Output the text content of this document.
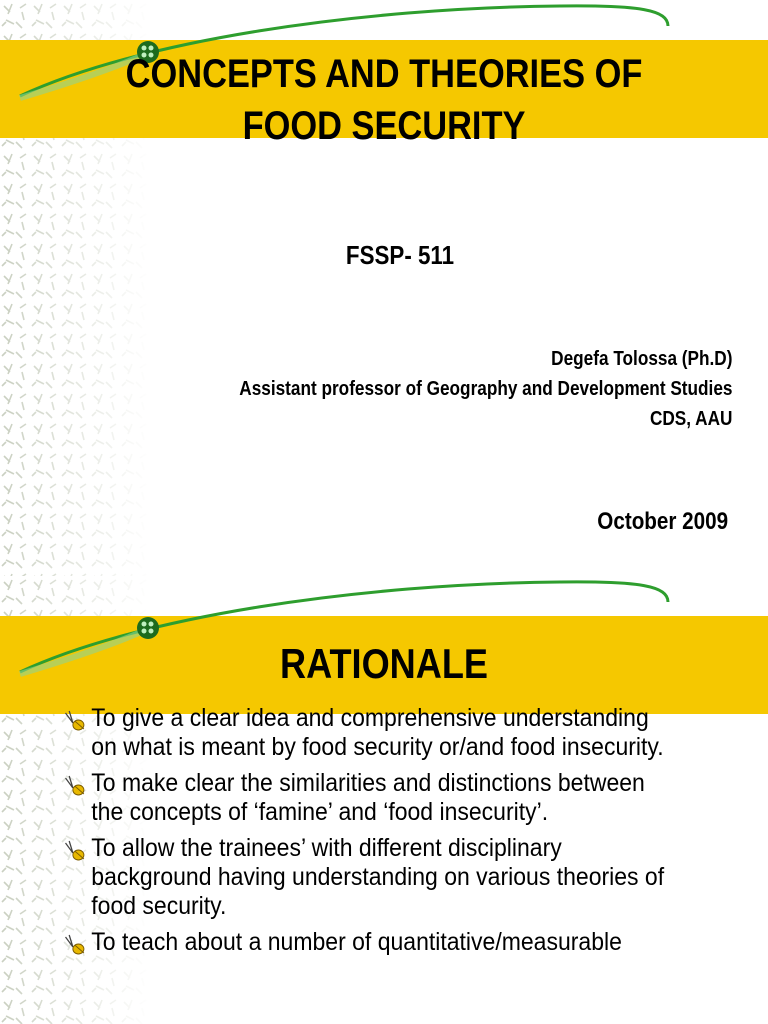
CONCEPTS AND THEORIES OF
FOOD SECURITY
FSSP- 511
Degefa Tolossa (Ph.D)
Assistant professor of Geography and Development Studies
CDS, AAU
October 2009
RATIONALE
To give a clear idea and comprehensive understanding on what is meant by food security or/and food insecurity.
To make clear the similarities and distinctions between the concepts of ‘famine’ and ‘food insecurity’.
To allow the trainees’ with different disciplinary background having understanding on various theories of food security.
To teach about a number of quantitative/measurable
